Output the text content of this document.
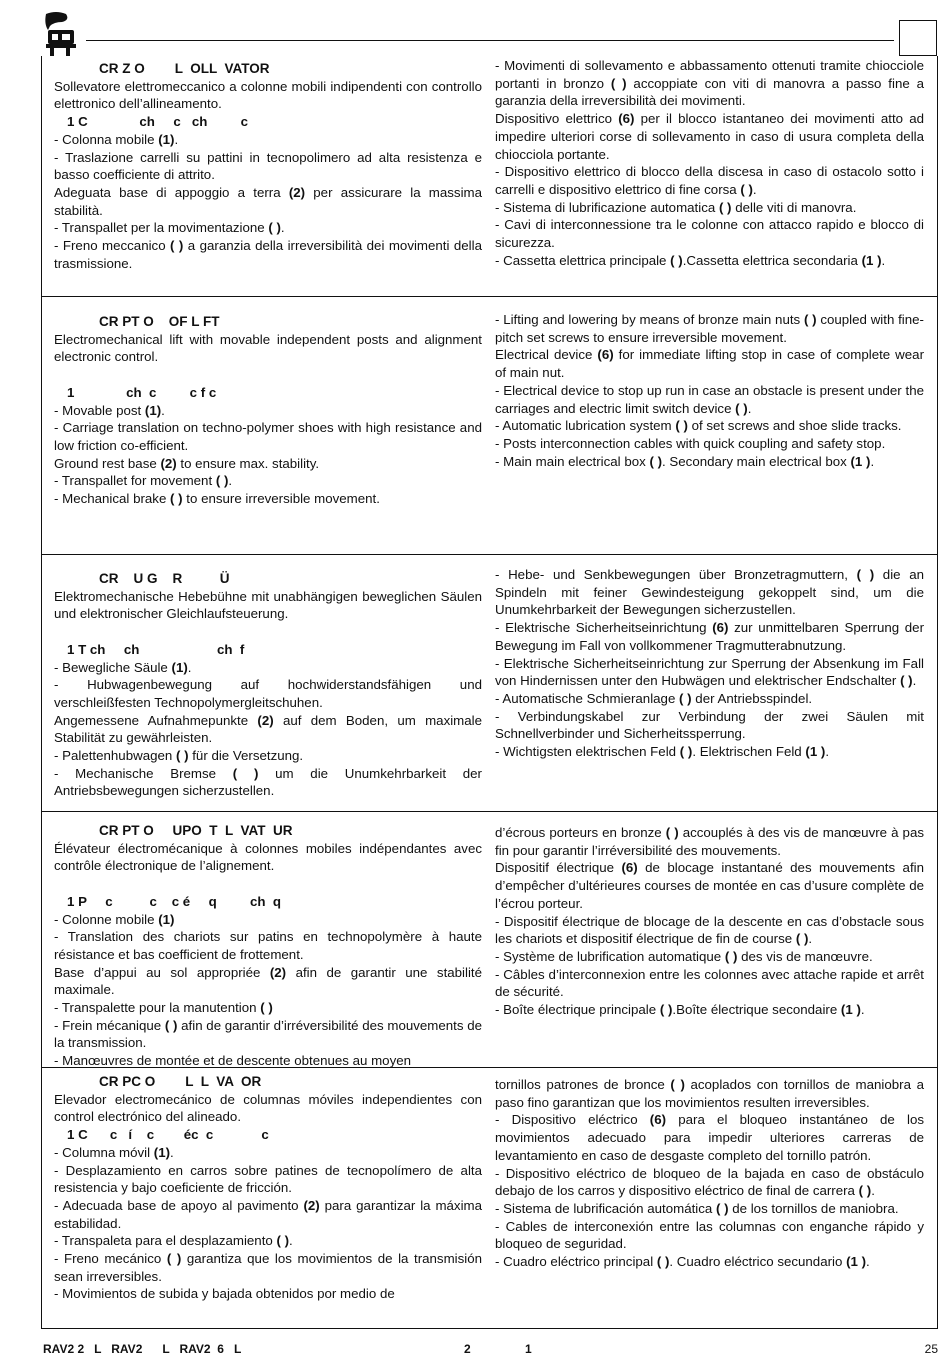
CR Z O        L  OLL  VATOR
Sollevatore elettromeccanico a colonne mobili indipendenti con controllo elettronico dell’allineamento.
1 C              ch     c   ch         c
- Colonna mobile (1).
- Traslazione carrelli su pattini in tecnopolimero ad alta resistenza e basso coefficiente di attrito.
Adeguata base di appoggio a terra (2) per assicurare la massima stabilità.
- Transpallet per la movimentazione ( ).
- Freno meccanico ( ) a garanzia della irreversibilità dei movimenti della trasmissione.
- Movimenti di sollevamento e abbassamento ottenuti tramite chiocciole portanti in bronzo ( ) accoppiate con viti di manovra a passo fine a garanzia della irreversibilità dei movimenti.
Dispositivo elettrico (6) per il blocco istantaneo dei movimenti atto ad impedire ulteriori corse di sollevamento in caso di usura completa della chiocciola portante.
- Dispositivo elettrico di blocco della discesa in caso di ostacolo sotto i carrelli e dispositivo elettrico di fine corsa ( ).
- Sistema di lubrificazione automatica ( ) delle viti di manovra.
- Cavi di interconnessione tra le colonne con attacco rapido e blocco di sicurezza.
- Cassetta elettrica principale ( ).Cassetta elettrica secondaria (1 ).
CR PT O    OF L FT
Electromechanical lift with movable independent posts and alignment electronic control.
1              ch  c         c f c
- Movable post (1).
- Carriage translation on techno-polymer shoes with high resistance and low friction co-efficient.
Ground rest base (2) to ensure max. stability.
- Transpallet for movement ( ).
- Mechanical brake ( ) to ensure irreversible movement.
- Lifting and lowering by means of bronze main nuts ( ) coupled with fine-pitch set screws to ensure irreversible movement.
Electrical device (6) for immediate lifting stop in case of complete wear of main nut.
- Electrical device to stop up run in case an obstacle is present under the carriages and electric limit switch device ( ).
- Automatic lubrication system ( ) of set screws and shoe slide tracks.
- Posts interconnection cables with quick coupling and safety stop.
- Main main electrical box ( ). Secondary main electrical box (1 ).
CR    U G    R          Ü
Elektromechanische Hebebühne mit unabhängigen beweglichen Säulen und elektronischer Gleichlaufsteuerung.
1 T ch     ch                     ch  f
- Bewegliche Säule (1).
- Hubwagenbewegung auf hochwiderstandsfähigen und verschleißfesten Technopolymergleitschuhen.
Angemessene Aufnahmepunkte (2) auf dem Boden, um maximale Stabilität zu gewährleisten.
- Palettenhubwagen ( ) für die Versetzung.
- Mechanische Bremse ( ) um die Unumkehrbarkeit der Antriebsbewegungen sicherzustellen.
- Hebe- und Senkbewegungen über Bronzetragmuttern, ( ) die an Spindeln mit feiner Gewindesteigung gekoppelt sind, um die Unumkehrbarkeit der Bewegungen sicherzustellen.
- Elektrische Sicherheitseinrichtung (6) zur unmittelbaren Sperrung der Bewegung im Fall von vollkommener Tragmutterabnutzung.
- Elektrische Sicherheitseinrichtung zur Sperrung der Absenkung im Fall von Hindernissen unter den Hubwägen und elektrischer Endschalter ( ).
- Automatische Schmieranlage ( ) der Antriebsspindel.
- Verbindungskabel zur Verbindung der zwei Säulen mit Schnellverbinder und Sicherheitssperrung.
- Wichtigsten elektrischen Feld ( ). Elektrischen Feld (1 ).
CR PT O     UPO  T  L  VAT  UR
Élévateur électromécanique à colonnes mobiles indépendantes avec contrôle électronique de l’alignement.
1 P     c          c    c é     q         ch  q
- Colonne mobile (1)
- Translation des chariots sur patins en technopolymère à haute résistance et bas coefficient de frottement.
Base d’appui au sol appropriée (2) afin de garantir une stabilité maximale.
- Transpalette pour la manutention ( )
- Frein mécanique ( ) afin de garantir d’irréversibilité des mouvements de la transmission.
- Manœuvres de montée et de descente obtenues au moyen
d’écrous porteurs en bronze ( ) accouplés à des vis de manœuvre à pas fin pour garantir l’irréversibilité des mouvements.
Dispositif électrique (6) de blocage instantané des mouvements afin d’empêcher d’ultérieures courses de montée en cas d’usure complète de l’écrou porteur.
- Dispositif électrique de blocage de la descente en cas d’obstacle sous les chariots et dispositif électrique de fin de course ( ).
- Système de lubrification automatique ( ) des vis de manœuvre.
- Câbles d’interconnexion entre les colonnes avec attache rapide et arrêt de sécurité.
- Boîte électrique principale ( ).Boîte électrique secondaire (1 ).
CR PC O        L  L  VA  OR
Elevador electromecánico de columnas móviles independientes con control electrónico del alineado.
1 C      c   í    c        éc  c             c
- Columna móvil (1).
- Desplazamiento en carros sobre patines de tecnopolímero de alta resistencia y bajo coeficiente de fricción.
- Adecuada base de apoyo al pavimento (2) para garantizar la máxima estabilidad.
- Transpaleta para el desplazamiento ( ).
- Freno mecánico ( ) garantiza que los movimientos de la transmisión sean irreversibles.
- Movimientos de subida y bajada obtenidos por medio de
tornillos patrones de bronce ( ) acoplados con tornillos de maniobra a paso fino garantizan que los movimientos resulten irreversibles.
- Dispositivo eléctrico (6) para el bloqueo instantáneo de los movimientos adecuado para impedir ulteriores carreras de levantamiento en caso de desgaste completo del tornillo patrón.
- Dispositivo eléctrico de bloqueo de la bajada en caso de obstáculo debajo de los carros y dispositivo eléctrico de final de carrera ( ).
- Sistema de lubrificación automática ( ) de los tornillos de maniobra.
- Cables de interconexión entre las columnas con enganche rápido y bloqueo de seguridad.
- Cuadro eléctrico principal ( ). Cuadro eléctrico secundario (1 ).
RAV2 2   L   RAV2      L   RAV2  6   L	2	1	25
